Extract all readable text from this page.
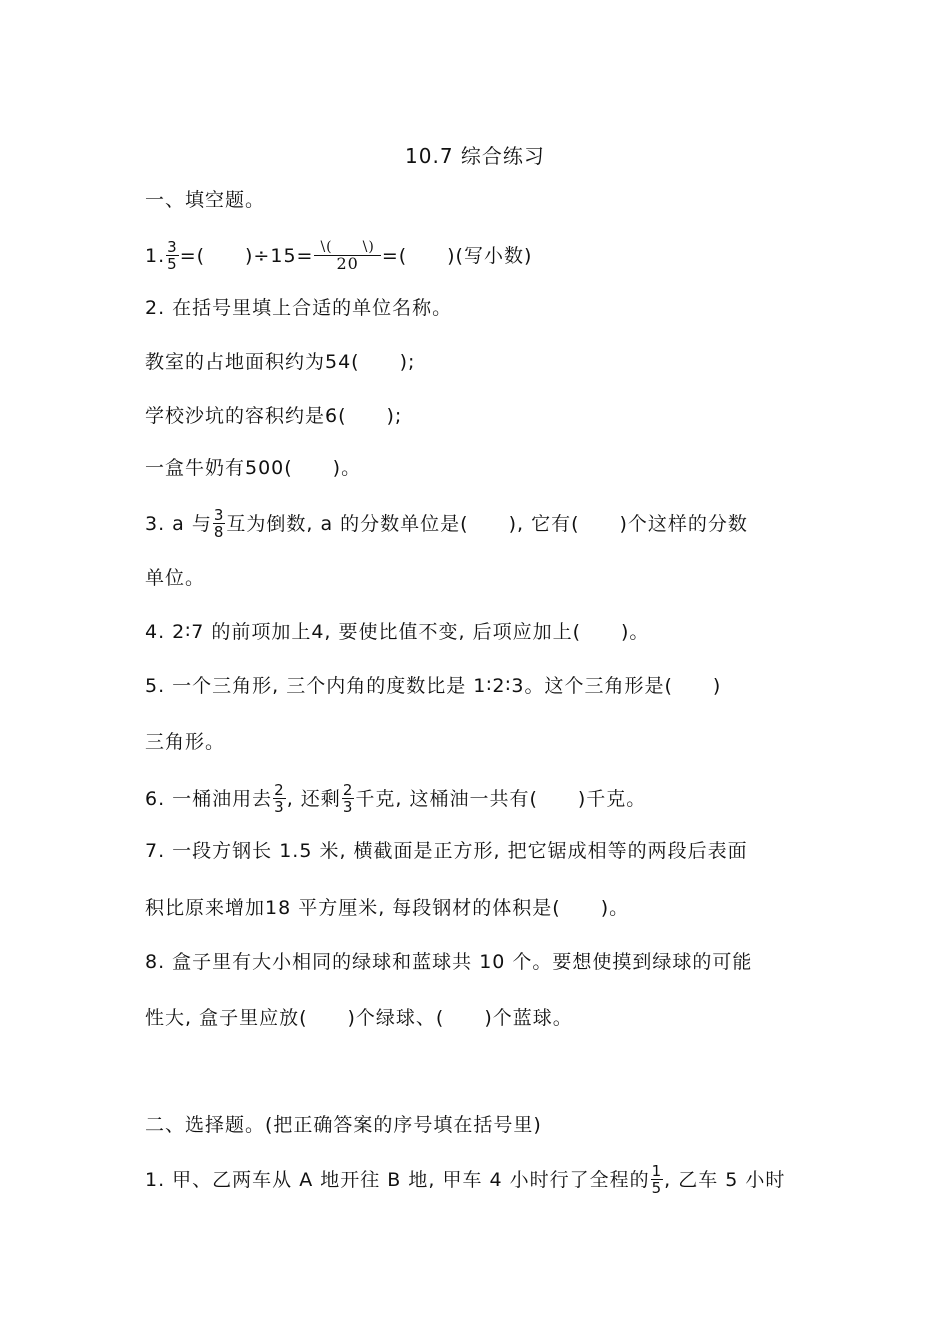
10.7 综合练习
一、填空题。
1. $\frac{3}{5}$ =(　　)$\div 15= \frac{\backslash( \backslash)}{20}$ =(　　)(写小数)
2. 在括号里填上合适的单位名称。
教室的占地面积约为54(　　);
学校沙坑的容积约是6(　　);
一盒牛奶有500(　　)。
3. a 与 $\frac{3}{8}$ 互为倒数, a 的分数单位是(　　), 它有(　　)个这样的分数
单位。
4. 2∶7 的前项加上4, 要使比值不变, 后项应加上(　　)。
5. 一个三角形, 三个内角的度数比是 1∶2∶3。这个三角形是(　　)
三角形。
6. 一桶油用去 $\frac{2}{3}$ , 还剩 $\frac{2}{3}$ 千克, 这桶油一共有(　　)千克。
7. 一段方钢长 1.5 米, 横截面是正方形, 把它锯成相等的两段后表面
积比原来增加18 平方厘米, 每段钢材的体积是(　　)。
8. 盒子里有大小相同的绿球和蓝球共 10 个。要想使摸到绿球的可能
性大, 盒子里应放(　　)个绿球、(　　)个蓝球。
二、选择题。(把正确答案的序号填在括号里)
1. 甲、乙两车从 A 地开往 B 地, 甲车 4 小时行了全程的 $\frac{1}{5}$ , 乙车 5 小时
